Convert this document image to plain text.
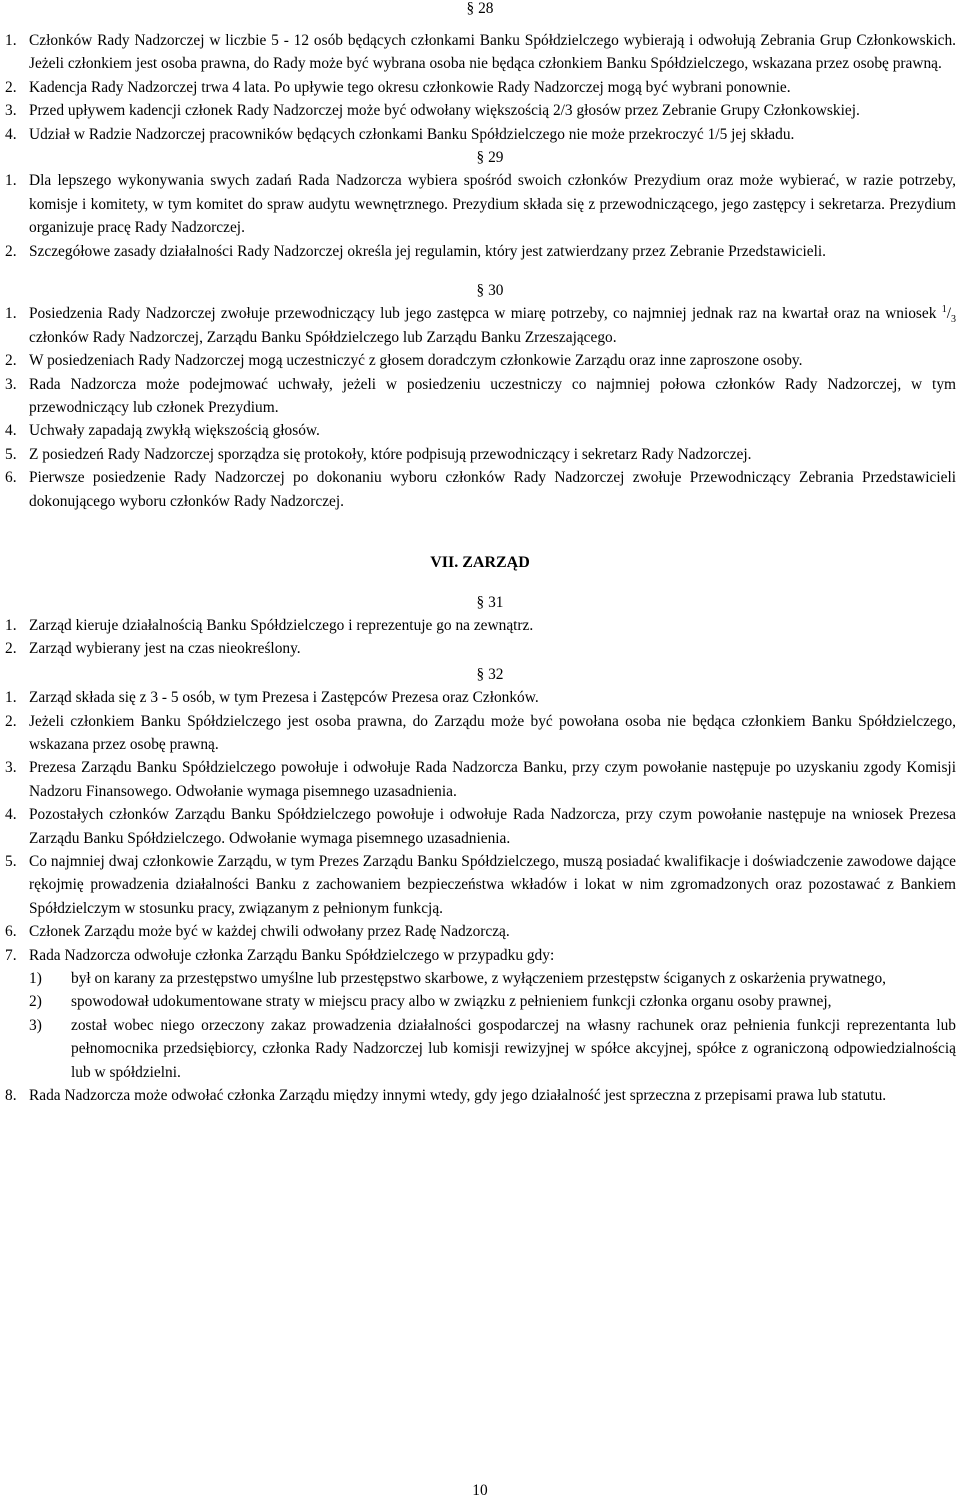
§ 28
1. Członków Rady Nadzorczej w liczbie 5 - 12 osób będących członkami Banku Spółdzielczego wybierają i odwołują Zebrania Grup Członkowskich. Jeżeli członkiem jest osoba prawna, do Rady może być wybrana osoba nie będąca członkiem Banku Spółdzielczego, wskazana przez osobę prawną.
2. Kadencja Rady Nadzorczej trwa 4 lata. Po upływie tego okresu członkowie Rady Nadzorczej mogą być wybrani ponownie.
3. Przed upływem kadencji członek Rady Nadzorczej może być odwołany większością 2/3 głosów przez Zebranie Grupy Członkowskiej.
4. Udział w Radzie Nadzorczej pracowników będących członkami Banku Spółdzielczego nie może przekroczyć 1/5 jej składu.
§ 29
1. Dla lepszego wykonywania swych zadań Rada Nadzorcza wybiera spośród swoich członków Prezydium oraz może wybierać, w razie potrzeby, komisje i komitety, w tym komitet do spraw audytu wewnętrznego. Prezydium składa się z przewodniczącego, jego zastępcy i sekretarza. Prezydium organizuje pracę Rady Nadzorczej.
2. Szczegółowe zasady działalności Rady Nadzorczej określa jej regulamin, który jest zatwierdzany przez Zebranie Przedstawicieli.
§ 30
1. Posiedzenia Rady Nadzorczej zwołuje przewodniczący lub jego zastępca w miarę potrzeby, co najmniej jednak raz na kwartał oraz na wniosek $^1/_3$ członków Rady Nadzorczej, Zarządu Banku Spółdzielczego lub Zarządu Banku Zrzeszającego.
2. W posiedzeniach Rady Nadzorczej mogą uczestniczyć z głosem doradczym członkowie Zarządu oraz inne zaproszone osoby.
3. Rada Nadzorcza może podejmować uchwały, jeżeli w posiedzeniu uczestniczy co najmniej połowa członków Rady Nadzorczej, w tym przewodniczący lub członek Prezydium.
4. Uchwały zapadają zwykłą większością głosów.
5. Z posiedzeń Rady Nadzorczej sporządza się protokoły, które podpisują przewodniczący i sekretarz Rady Nadzorczej.
6. Pierwsze posiedzenie Rady Nadzorczej po dokonaniu wyboru członków Rady Nadzorczej zwołuje Przewodniczący Zebrania Przedstawicieli dokonującego wyboru członków Rady Nadzorczej.
VII. ZARZĄD
§ 31
1. Zarząd kieruje działalnością Banku Spółdzielczego i reprezentuje go na zewnątrz.
2. Zarząd wybierany jest na czas nieokreślony.
§ 32
1. Zarząd składa się z 3 - 5 osób, w tym Prezesa i Zastępców Prezesa oraz Członków.
2. Jeżeli członkiem Banku Spółdzielczego jest osoba prawna, do Zarządu może być powołana osoba nie będąca członkiem Banku Spółdzielczego, wskazana przez osobę prawną.
3. Prezesa Zarządu Banku Spółdzielczego powołuje i odwołuje Rada Nadzorcza Banku, przy czym powołanie następuje po uzyskaniu zgody Komisji Nadzoru Finansowego. Odwołanie wymaga pisemnego uzasadnienia.
4. Pozostałych członków Zarządu Banku Spółdzielczego powołuje i odwołuje Rada Nadzorcza, przy czym powołanie następuje na wniosek Prezesa Zarządu Banku Spółdzielczego. Odwołanie wymaga pisemnego uzasadnienia.
5. Co najmniej dwaj członkowie Zarządu, w tym Prezes Zarządu Banku Spółdzielczego, muszą posiadać kwalifikacje i doświadczenie zawodowe dające rękojmię prowadzenia działalności Banku z zachowaniem bezpieczeństwa wkładów i lokat w nim zgromadzonych oraz pozostawać z Bankiem Spółdzielczym w stosunku pracy, związanym z pełnionym funkcją.
6. Członek Zarządu może być w każdej chwili odwołany przez Radę Nadzorczą.
7. Rada Nadzorcza odwołuje członka Zarządu Banku Spółdzielczego w przypadku gdy:
1) był on karany za przestępstwo umyślne lub przestępstwo skarbowe, z wyłączeniem przestępstw ściganych z oskarżenia prywatnego,
2) spowodował udokumentowane straty w miejscu pracy albo w związku z pełnieniem funkcji członka organu osoby prawnej,
3) został wobec niego orzeczony zakaz prowadzenia działalności gospodarczej na własny rachunek oraz pełnienia funkcji reprezentanta lub pełnomocnika przedsiębiorcy, członka Rady Nadzorczej lub komisji rewizyjnej w spółce akcyjnej, spółce z ograniczoną odpowiedzialnością lub w spółdzielni.
8. Rada Nadzorcza może odwołać członka Zarządu między innymi wtedy, gdy jego działalność jest sprzeczna z przepisami prawa lub statutu.
10
